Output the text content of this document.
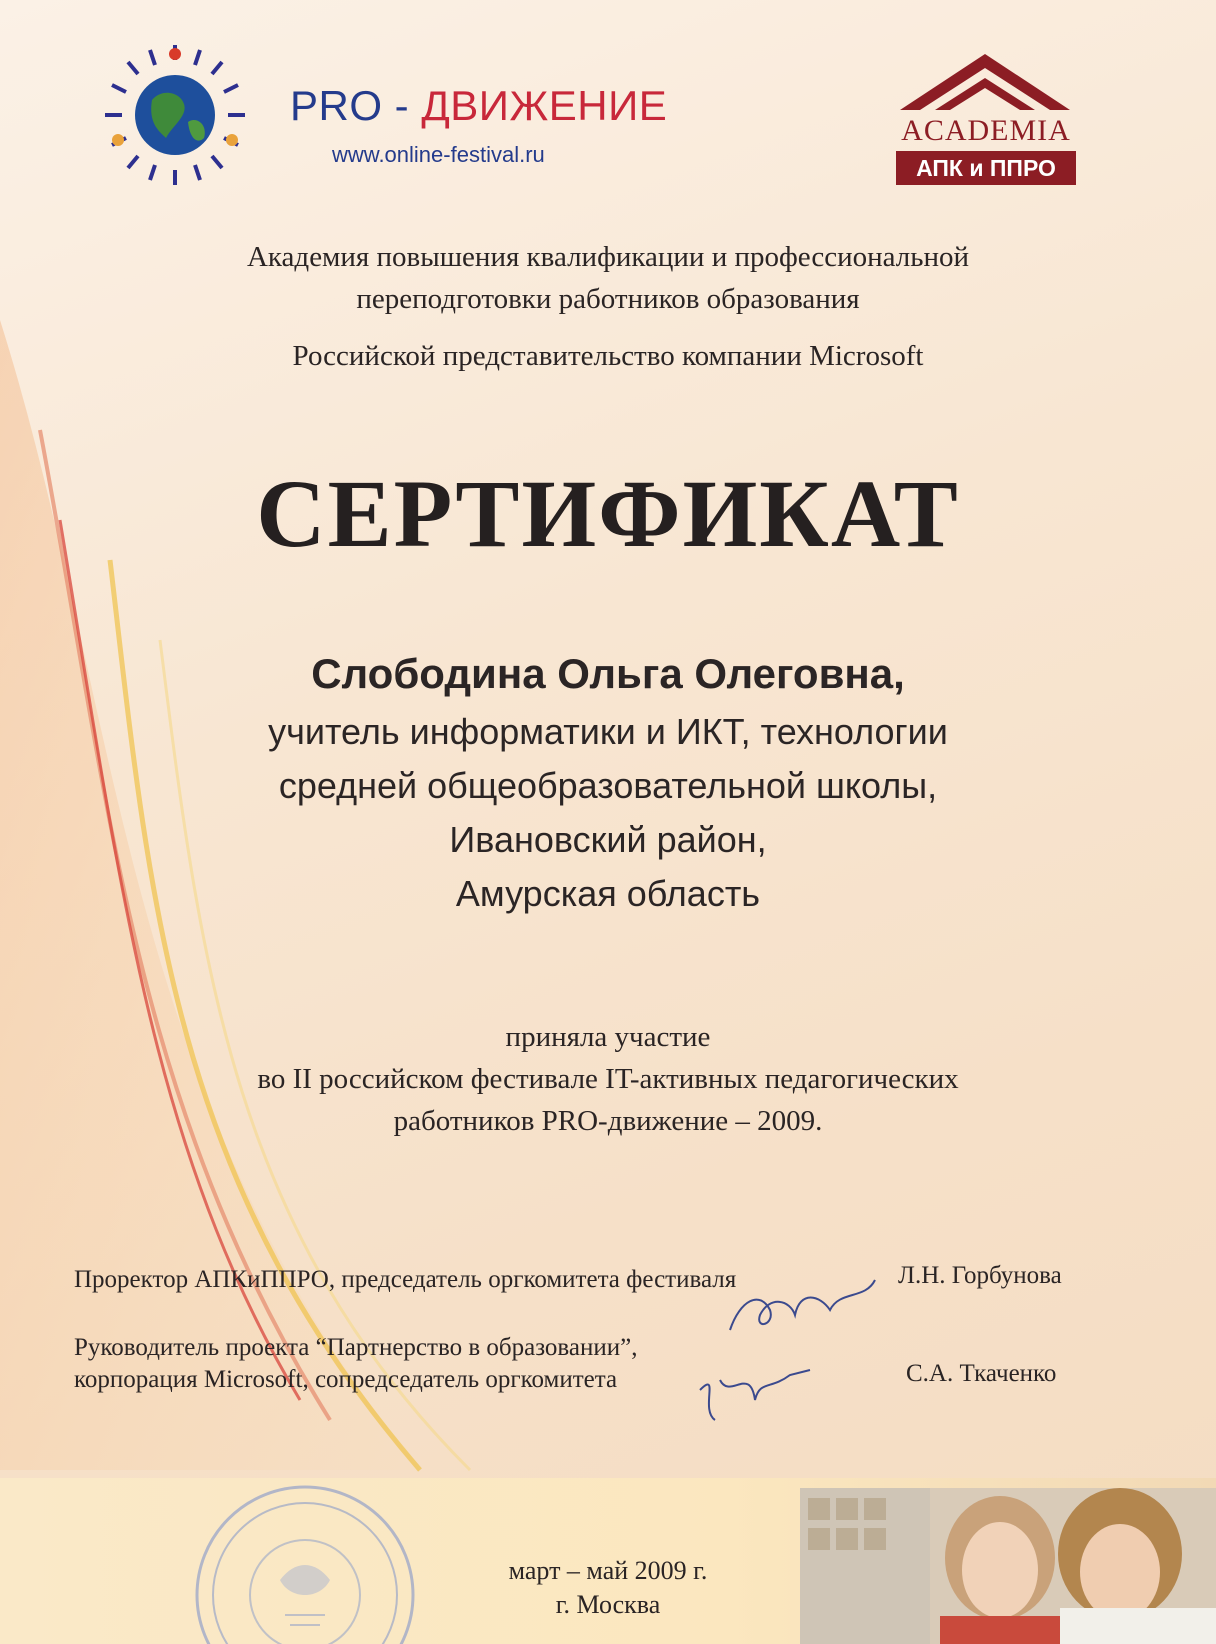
PRO - ДВИЖЕНИЕ
www.online-festival.ru
ACADEMIA
АПК и ППРО
Академия повышения квалификации и профессиональной
переподготовки работников образования
Российской представительство компании Microsoft
СЕРТИФИКАТ
Слободина Ольга Олеговна,
учитель информатики и ИКТ, технологии
средней общеобразовательной школы,
Ивановский район,
Амурская область
приняла участие
во II российском фестивале IT-активных педагогических
работников PRO-движение – 2009.
Проректор АПКиППРО, председатель оргкомитета фестиваля	Л.Н. Горбунова
Руководитель проекта “Партнерство в образовании”,
корпорация Microsoft, сопредседатель оргкомитета	С.А. Ткаченко
март – май 2009 г.
г. Москва
